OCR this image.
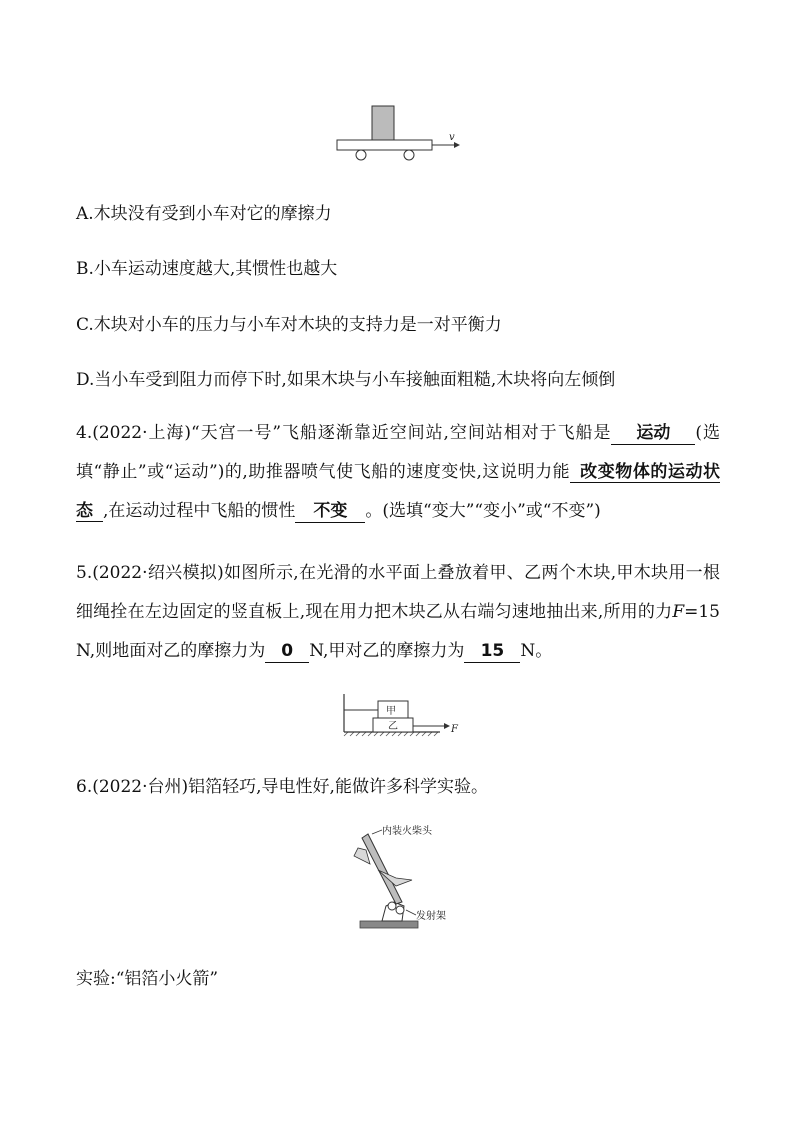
v
A.木块没有受到小车对它的摩擦力
B.小车运动速度越大,其惯性也越大
C.木块对小车的压力与小车对木块的支持力是一对平衡力
D.当小车受到阻力而停下时,如果木块与小车接触面粗糙,木块将向左倾倒
4.(2022·上海)“天宫一号”飞船逐渐靠近空间站,空间站相对于飞船是 运动 (选填“静止”或“运动”)的,助推器喷气使飞船的速度变快,这说明力能 改变物体的运动状态 ,在运动过程中飞船的惯性 不变 。(选填“变大”“变小”或“不变”)
5.(2022·绍兴模拟)如图所示,在光滑的水平面上叠放着甲、乙两个木块,甲木块用一根细绳拴在左边固定的竖直板上,现在用力把木块乙从右端匀速地抽出来,所用的力F=15 N,则地面对乙的摩擦力为 0 N,甲对乙的摩擦力为 15 N。
甲
乙	F
6.(2022·台州)铝箔轻巧,导电性好,能做许多科学实验。
内装火柴头
发射架
实验:“铝箔小火箭”
